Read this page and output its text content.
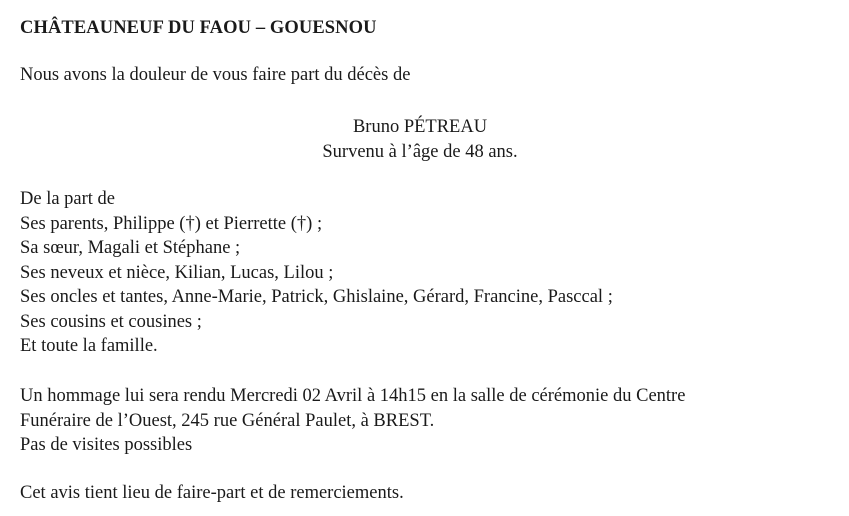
CHÂTEAUNEUF DU FAOU – GOUESNOU
Nous avons la douleur de vous faire part du décès de
Bruno PÉTREAU
Survenu à l’âge de 48 ans.
De la part de
Ses parents, Philippe (†) et Pierrette (†) ;
Sa sœur, Magali et Stéphane ;
Ses neveux et nièce, Kilian, Lucas, Lilou ;
Ses oncles et tantes, Anne-Marie, Patrick, Ghislaine, Gérard, Francine, Pasccal ;
Ses cousins et cousines ;
Et toute la famille.
Un hommage lui sera rendu Mercredi 02 Avril à 14h15 en la salle de cérémonie du Centre
Funéraire de l’Ouest, 245 rue Général Paulet, à BREST.
Pas de visites possibles
Cet avis tient lieu de faire-part et de remerciements.
